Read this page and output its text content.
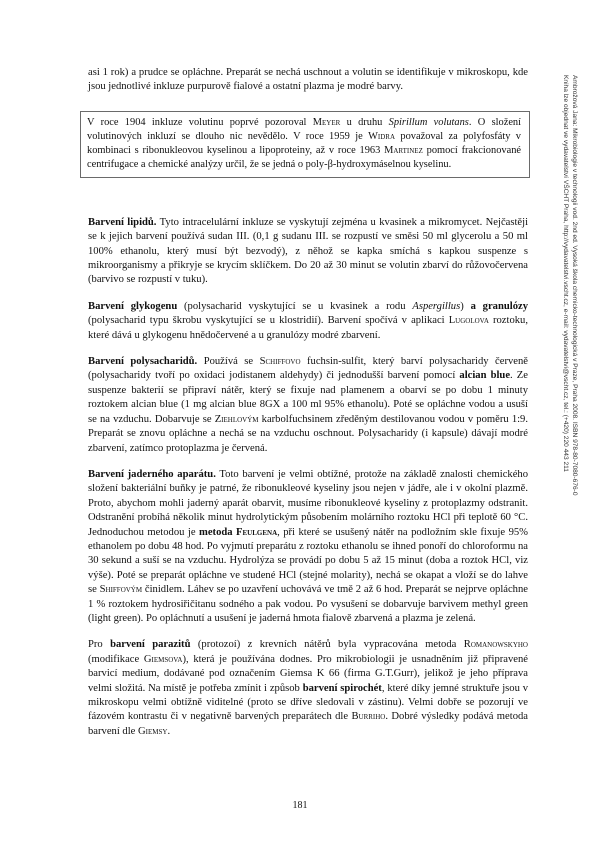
asi 1 rok) a prudce se opláchne. Preparát se nechá uschnout a volutin se identifikuje v mikroskopu, kde jsou jednotlivé inkluze purpurově fialové a ostatní plazma je modré barvy.

V roce 1904 inkluze volutinu poprvé pozoroval Meyer u druhu Spirillum volutans. O složení volutinových inkluzí se dlouho nic nevědělo. V roce 1959 je Widra považoval za polyfosfáty v kombinaci s ribonukleovou kyselinou a lipoproteiny, až v roce 1963 Martinez pomocí frakcionované centrifugace a chemické analýzy určil, že se jedná o poly-β-hydroxymáselnou kyselinu.

Barvení lipidů. Tyto intracelulární inkluze se vyskytují zejména u kvasinek a mikromycet. Nejčastěji se k jejich barvení používá sudan III. (0,1 g sudanu III. se rozpustí ve směsi 50 ml glycerolu a 50 ml 100% ethanolu, který musí být bezvodý), z něhož se kapka smíchá s kapkou suspenze s mikroorganismy a přikryje se krycím sklíčkem. Do 20 až 30 minut se volutin zbarví do růžovočervena (barvivo se rozpustí v tuku).

Barvení glykogenu (polysacharid vyskytující se u kvasinek a rodu Aspergillus) a granulózy (polysacharid typu škrobu vyskytující se u klostridií). Barvení spočívá v aplikaci Lugolova roztoku, které dává u glykogenu hnědočervené a u granulózy modré zbarvení.

Barvení polysacharidů. Používá se Schiffovo fuchsin-sulfit, který barví polysacharidy červeně (polysacharidy tvoří po oxidaci jodistanem aldehydy) či jednodušší barvení pomocí alcian blue. Ze suspenze bakterií se připraví nátěr, který se fixuje nad plamenem a obarví se po dobu 1 minuty roztokem alcian blue (1 mg alcian blue 8GX a 100 ml 95% ethanolu). Poté se opláchne vodou a usuší se na vzduchu. Dobarvuje se Ziehlovým karbolfuchsinem zředěným destilovanou vodou v poměru 1:9. Preparát se znovu opláchne a nechá se na vzduchu oschnout. Polysacharidy (i kapsule) dávají modré zbarvení, zatímco protoplazma je červená.

Barvení jaderného aparátu. Toto barvení je velmi obtížné, protože na základě znalosti chemického složení bakteriální buňky je patrné, že ribonukleové kyseliny jsou nejen v jádře, ale i v okolní plazmě. Proto, abychom mohli jaderný aparát obarvit, musíme ribonukleové kyseliny z protoplazmy odstranit. Odstranění probíhá několik minut hydrolytickým působením molárního roztoku HCl při teplotě 60 °C. Jednoduchou metodou je metoda Feulgena, při které se usušený nátěr na podložním skle fixuje 95% ethanolem po dobu 48 hod. Po vyjmutí preparátu z roztoku ethanolu se ihned ponoří do chloroformu na 30 sekund a suší se na vzduchu. Hydrolýza se provádí po dobu 5 až 15 minut (doba a roztok HCl, viz výše). Poté se preparát opláchne ve studené HCl (stejné molarity), nechá se okapat a vloží se do lahve se Shiffovým činidlem. Láhev se po uzavření uchovává ve tmě 2 až 6 hod. Preparát se nejprve opláchne 1 % roztokem hydrosiřičitanu sodného a pak vodou. Po vysušení se dobarvuje barvivem methyl green (light green). Po opláchnutí a usušení je jaderná hmota fialově zbarvená a plazma je zelená.

Pro barvení parazitů (protozoí) z krevních nátěrů byla vypracována metoda Romanowskyho (modifikace Giemsova), která je používána dodnes. Pro mikrobiologii je usnadněním již připravené barvicí medium, dodávané pod označením Giemsa K 66 (firma G.T.Gurr), jelikož je jeho příprava velmi složitá. Na místě je potřeba zmínit i způsob barvení spirochét, které díky jemné struktuře jsou v mikroskopu velmi obtížně viditelné (proto se dříve sledovali v zástinu). Velmi dobře se pozorují ve fázovém kontrastu či v negativně barvených preparátech dle Burriho. Dobré výsledky podává metoda barvení dle Giemsy.

181
Ambrožová Jana: Mikrobiologie v technologii vod. 2nd ed. Vysoká škola chemicko-technologická v Praze, Praha 2008. ISBN 978-80-7080-676-0
Kniha lze objednat ve vydavatelství VŠCHT Praha, http://vydavatelstvi.vscht.cz, e-mail: vydavatelstvi@vscht.cz, tel.: (+420) 220 443 211
